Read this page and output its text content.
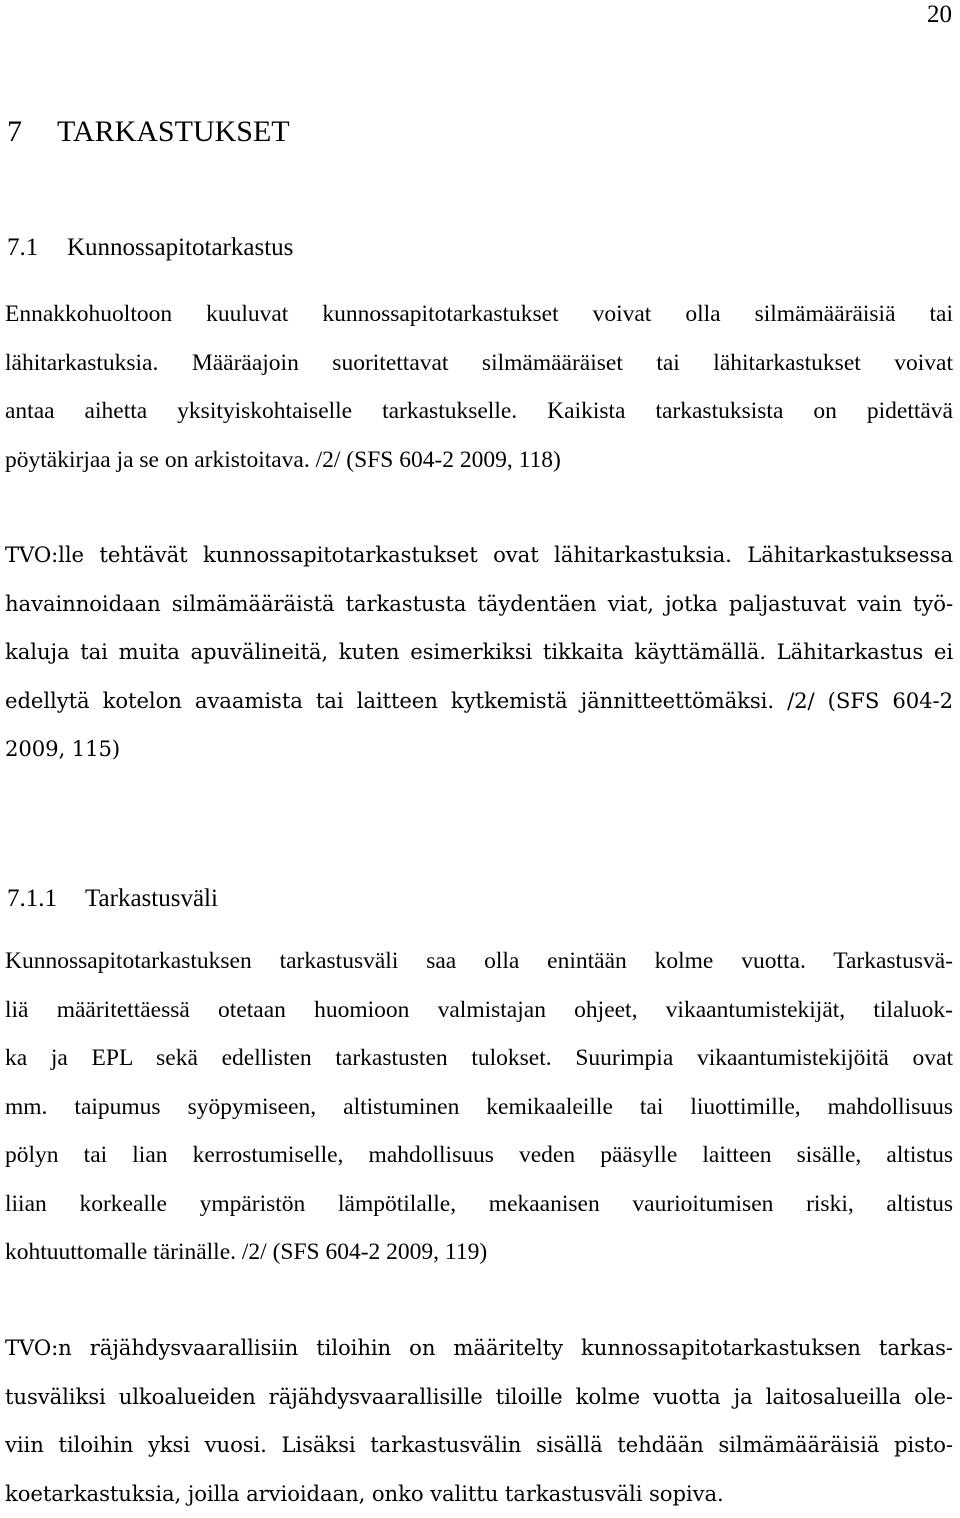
20
7 TARKASTUKSET
7.1 Kunnossapitotarkastus

Ennakkohuoltoon kuuluvat kunnossapitotarkastukset voivat olla silmämääräisiä tai
lähitarkastuksia. Määräajoin suoritettavat silmämääräiset tai lähitarkastukset voivat
antaa aihetta yksityiskohtaiselle tarkastukselle. Kaikista tarkastuksista on pidettävä
pöytäkirjaa ja se on arkistoitava. /2/ (SFS 604-2 2009, 118)

TVO:lle tehtävät kunnossapitotarkastukset ovat lähitarkastuksia. Lähitarkastuksessa
havainnoidaan silmämääräistä tarkastusta täydentäen viat, jotka paljastuvat vain työ-
kaluja tai muita apuvälineitä, kuten esimerkiksi tikkaita käyttämällä. Lähitarkastus ei
edellytä kotelon avaamista tai laitteen kytkemistä jännitteettömäksi. /2/ (SFS 604-2
2009, 115)

7.1.1 Tarkastusväli

Kunnossapitotarkastuksen tarkastusväli saa olla enintään kolme vuotta. Tarkastusvä-
liä määritettäessä otetaan huomioon valmistajan ohjeet, vikaantumistekijät, tilaluok-
ka ja EPL sekä edellisten tarkastusten tulokset. Suurimpia vikaantumistekijöitä ovat
mm. taipumus syöpymiseen, altistuminen kemikaaleille tai liuottimille, mahdollisuus
pölyn tai lian kerrostumiselle, mahdollisuus veden pääsylle laitteen sisälle, altistus
liian korkealle ympäristön lämpötilalle, mekaanisen vaurioitumisen riski, altistus
kohtuuttomalle tärinälle. /2/ (SFS 604-2 2009, 119)

TVO:n räjähdysvaarallisiin tiloihin on määritelty kunnossapitotarkastuksen tarkas-
tusväliksi ulkoalueiden räjähdysvaarallisille tiloille kolme vuotta ja laitosalueilla ole-
viin tiloihin yksi vuosi. Lisäksi tarkastusvälin sisällä tehdään silmämääräisiä pisto-
koetarkastuksia, joilla arvioidaan, onko valittu tarkastusväli sopiva.
